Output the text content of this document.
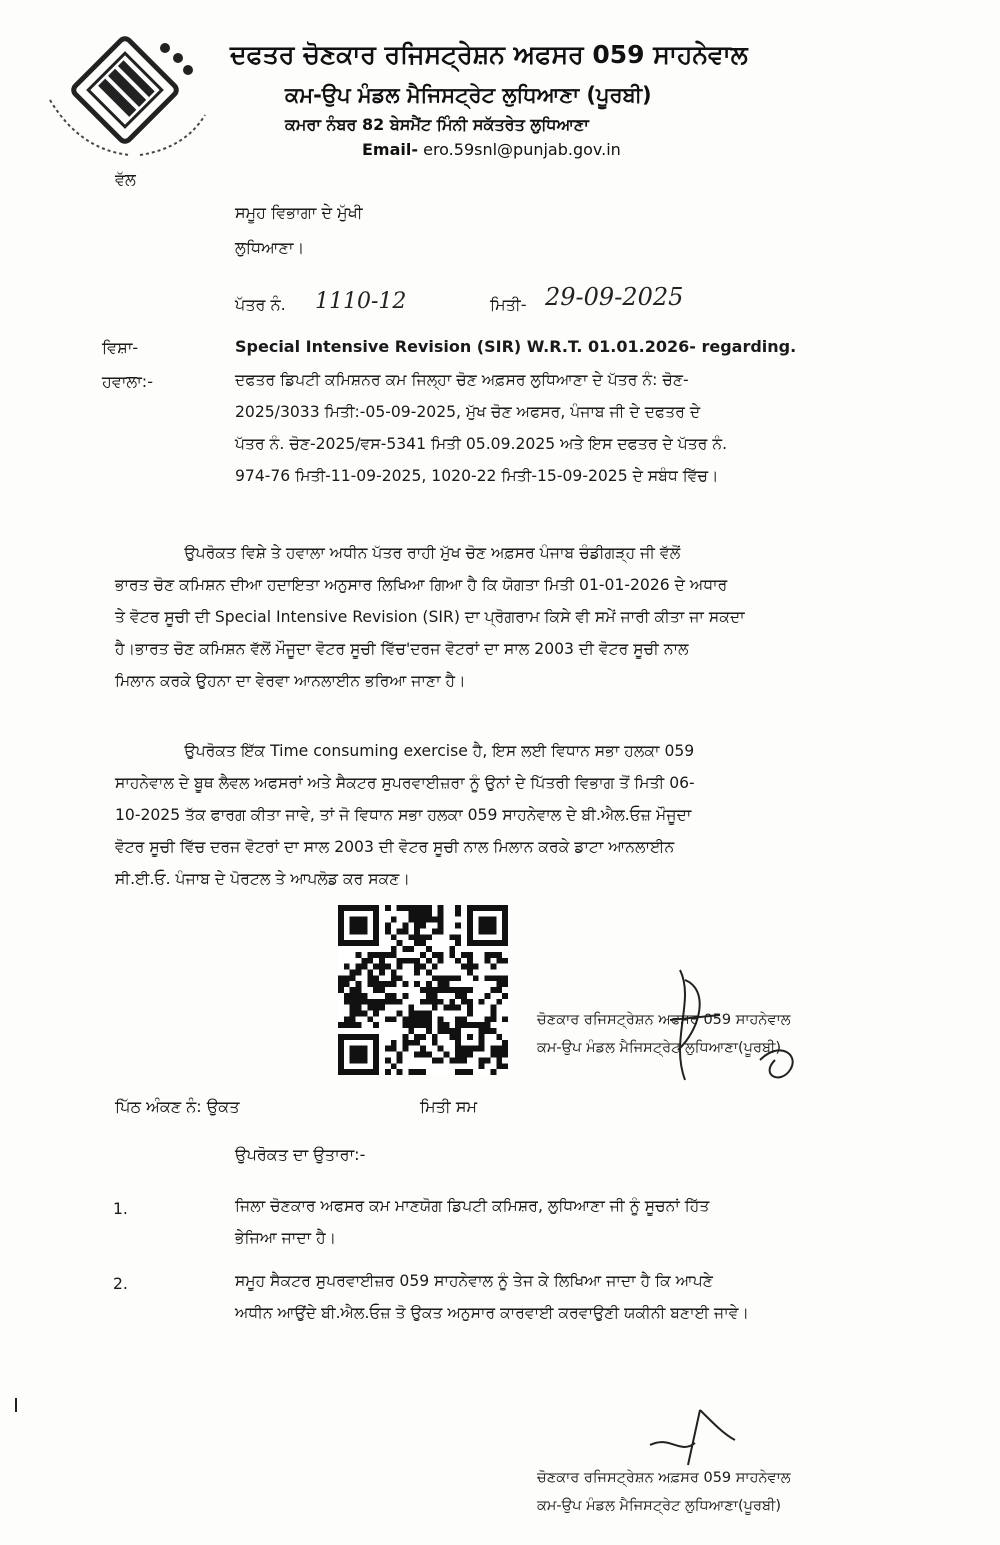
ਦਫਤਰ ਚੋਣਕਾਰ ਰਜਿਸਟ੍ਰੇਸ਼ਨ ਅਫਸਰ 059 ਸਾਹਨੇਵਾਲ
ਕਮ-ਉਪ ਮੰਡਲ ਮੈਜਿਸਟ੍ਰੇਟ ਲੁਧਿਆਣਾ (ਪੂਰਬੀ)
ਕਮਰਾ ਨੰਬਰ 82 ਬੇਸਮੈਂਟ ਮਿੰਨੀ ਸਕੱਤਰੇਤ ਲੁਧਿਆਣਾ
Email- ero.59snl@punjab.gov.in
ਵੱਲ
ਸਮੂਹ ਵਿਭਾਗਾ ਦੇ ਮੁੱਖੀ
ਲੁਧਿਆਣਾ।
ਪੱਤਰ ਨੰ. 1110-12	ਮਿਤੀ- 29-09-2025
ਵਿਸ਼ਾ-	Special Intensive Revision (SIR) W.R.T. 01.01.2026- regarding.
ਹਵਾਲਾ:-	ਦਫਤਰ ਡਿਪਟੀ ਕਮਿਸ਼ਨਰ ਕਮ ਜਿਲ੍ਹਾ ਚੋਣ ਅਫ਼ਸਰ ਲੁਧਿਆਣਾ ਦੇ ਪੱਤਰ ਨੰ: ਚੋਣ-
2025/3033 ਮਿਤੀ:-05-09-2025, ਮੁੱਖ ਚੋਣ ਅਫਸਰ, ਪੰਜਾਬ ਜੀ ਦੇ ਦਫਤਰ ਦੇ
ਪੱਤਰ ਨੰ. ਚੋਣ-2025/ਵਸ-5341 ਮਿਤੀ 05.09.2025 ਅਤੇ ਇਸ ਦਫਤਰ ਦੇ ਪੱਤਰ ਨੰ.
974-76 ਮਿਤੀ-11-09-2025, 1020-22 ਮਿਤੀ-15-09-2025 ਦੇ ਸਬੰਧ ਵਿੱਚ।
ਉਪਰੋਕਤ ਵਿਸ਼ੇ ਤੇ ਹਵਾਲਾ ਅਧੀਨ ਪੱਤਰ ਰਾਹੀ ਮੁੱਖ ਚੋਣ ਅਫ਼ਸਰ ਪੰਜਾਬ ਚੰਡੀਗੜ੍ਹ ਜੀ ਵੱਲੋਂ
ਭਾਰਤ ਚੋਣ ਕਮਿਸ਼ਨ ਦੀਆ ਹਦਾਇਤਾ ਅਨੁਸਾਰ ਲਿਖਿਆ ਗਿਆ ਹੈ ਕਿ ਯੋਗਤਾ ਮਿਤੀ 01-01-2026 ਦੇ ਅਧਾਰ
ਤੇ ਵੋਟਰ ਸੂਚੀ ਦੀ Special Intensive Revision (SIR) ਦਾ ਪ੍ਰੋਗਰਾਮ ਕਿਸੇ ਵੀ ਸਮੇਂ ਜਾਰੀ ਕੀਤਾ ਜਾ ਸਕਦਾ
ਹੈ।ਭਾਰਤ ਚੋਣ ਕਮਿਸ਼ਨ ਵੱਲੋਂ ਮੌਜੂਦਾ ਵੋਟਰ ਸੂਚੀ ਵਿੱਚ'ਦਰਜ ਵੋਟਰਾਂ ਦਾ ਸਾਲ 2003 ਦੀ ਵੋਟਰ ਸੂਚੀ ਨਾਲ
ਮਿਲਾਨ ਕਰਕੇ ਉਹਨਾ ਦਾ ਵੇਰਵਾ ਆਨਲਾਈਨ ਭਰਿਆ ਜਾਣਾ ਹੈ।
ਉਪਰੋਕਤ ਇੱਕ Time consuming exercise ਹੈ, ਇਸ ਲਈ ਵਿਧਾਨ ਸਭਾ ਹਲਕਾ 059
ਸਾਹਨੇਵਾਲ ਦੇ ਬੂਥ ਲੈਵਲ ਅਫਸਰਾਂ ਅਤੇ ਸੈਕਟਰ ਸੁਪਰਵਾਈਜ਼ਰਾ ਨੂੰ ਉਨਾਂ ਦੇ ਪਿੱਤਰੀ ਵਿਭਾਗ ਤੋਂ ਮਿਤੀ 06-
10-2025 ਤੱਕ ਫਾਰਗ ਕੀਤਾ ਜਾਵੇ, ਤਾਂ ਜੋ ਵਿਧਾਨ ਸਭਾ ਹਲਕਾ 059 ਸਾਹਨੇਵਾਲ ਦੇ ਬੀ.ਐਲ.ਓਜ਼ ਮੌਜੂਦਾ
ਵੋਟਰ ਸੂਚੀ ਵਿੱਚ ਦਰਜ ਵੋਟਰਾਂ ਦਾ ਸਾਲ 2003 ਦੀ ਵੋਟਰ ਸੂਚੀ ਨਾਲ ਮਿਲਾਨ ਕਰਕੇ ਡਾਟਾ ਆਨਲਾਈਨ
ਸੀ.ਈ.ਓ. ਪੰਜਾਬ ਦੇ ਪੋਰਟਲ ਤੇ ਆਪਲੋਡ ਕਰ ਸਕਣ।
ਚੋਣਕਾਰ ਰਜਿਸਟ੍ਰੇਸ਼ਨ ਅਫਸਰ 059 ਸਾਹਨੇਵਾਲ
ਕਮ-ਉਪ ਮੰਡਲ ਮੈਜਿਸਟ੍ਰੇਟ ਲੁਧਿਆਣਾ(ਪੂਰਬੀ)
ਪਿੱਠ ਅੰਕਣ ਨੰ: ਉਕਤ	ਮਿਤੀ ਸਮ
ਉਪਰੋਕਤ ਦਾ ਉਤਾਰਾ:-
1.	ਜਿਲਾ ਚੋਣਕਾਰ ਅਫਸਰ ਕਮ ਮਾਣਯੋਗ ਡਿਪਟੀ ਕਮਿਸ਼ਰ, ਲੁਧਿਆਣਾ ਜੀ ਨੂੰ ਸੂਚਨਾਂ ਹਿੱਤ
ਭੇਜਿਆ ਜਾਦਾ ਹੈ।
2.	ਸਮੂਹ ਸੈਕਟਰ ਸੁਪਰਵਾਈਜ਼ਰ 059 ਸਾਹਨੇਵਾਲ ਨੂੰ ਤੇਜ ਕੇ ਲਿਖਿਆ ਜਾਦਾ ਹੈ ਕਿ ਆਪਣੇ
ਅਧੀਨ ਆਉਂਦੇ ਬੀ.ਐਲ.ਓਜ਼ ਤੋ ਉਕਤ ਅਨੁਸਾਰ ਕਾਰਵਾਈ ਕਰਵਾਉਣੀ ਯਕੀਨੀ ਬਣਾਈ ਜਾਵੇ।
ਚੋਣਕਾਰ ਰਜਿਸਟ੍ਰੇਸ਼ਨ ਅਫ਼ਸਰ 059 ਸਾਹਨੇਵਾਲ
ਕਮ-ਉਪ ਮੰਡਲ ਮੈਜਿਸਟ੍ਰੇਟ ਲੁਧਿਆਣਾ(ਪੂਰਬੀ)
